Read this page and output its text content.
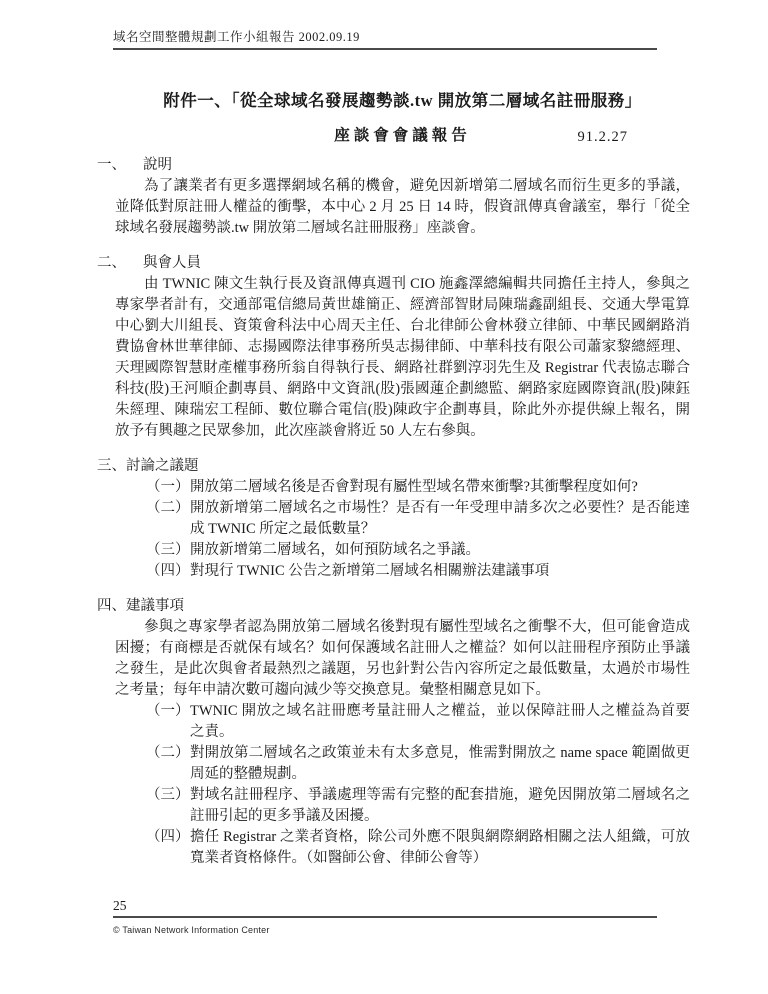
域名空間整體規劃工作小組報告 2002.09.19
附件一、「從全球域名發展趨勢談.tw 開放第二層域名註冊服務」
座談會會議報告	91.2.27
一、 說明
為了讓業者有更多選擇網域名稱的機會，避免因新增第二層域名而衍生更多的爭議，並降低對原註冊人權益的衝擊，本中心 2 月 25 日 14 時，假資訊傳真會議室，舉行「從全球域名發展趨勢談.tw 開放第二層域名註冊服務」座談會。
二、 與會人員
由 TWNIC 陳文生執行長及資訊傳真週刊 CIO 施鑫澤總編輯共同擔任主持人，參與之專家學者計有，交通部電信總局黃世雄簡正、經濟部智財局陳瑞鑫副組長、交通大學電算中心劉大川組長、資策會科法中心周天主任、台北律師公會林發立律師、中華民國網路消費協會林世華律師、志揚國際法律事務所吳志揚律師、中華科技有限公司蕭家黎總經理、天理國際智慧財產權事務所翁自得執行長、網路社群劉淳羽先生及 Registrar 代表協志聯合科技(股)王河順企劃專員、網路中文資訊(股)張國蓮企劃總監、網路家庭國際資訊(股)陳鈺朱經理、陳瑞宏工程師、數位聯合電信(股)陳政宇企劃專員，除此外亦提供線上報名，開放予有興趣之民眾參加，此次座談會將近 50 人左右參與。
三、討論之議題
（一） 開放第二層域名後是否會對現有屬性型域名帶來衝擊?其衝擊程度如何?
（二） 開放新增第二層域名之市場性？是否有一年受理申請多次之必要性？是否能達成 TWNIC 所定之最低數量？
（三） 開放新增第二層域名，如何預防域名之爭議。
（四） 對現行 TWNIC 公告之新增第二層域名相關辦法建議事項
四、建議事項
參與之專家學者認為開放第二層域名後對現有屬性型域名之衝擊不大，但可能會造成困擾；有商標是否就保有域名？如何保護域名註冊人之權益？如何以註冊程序預防止爭議之發生，是此次與會者最熱烈之議題，另也針對公告內容所定之最低數量，太過於市場性之考量；每年申請次數可趨向減少等交換意見。彙整相關意見如下。
（一） TWNIC 開放之域名註冊應考量註冊人之權益，並以保障註冊人之權益為首要之責。
（二） 對開放第二層域名之政策並未有太多意見，惟需對開放之 name space 範圍做更周延的整體規劃。
（三） 對域名註冊程序、爭議處理等需有完整的配套措施，避免因開放第二層域名之註冊引起的更多爭議及困擾。
（四） 擔任 Registrar 之業者資格，除公司外應不限與網際網路相關之法人組織，可放寬業者資格條件。（如醫師公會、律師公會等）
25
© Taiwan Network Information Center
